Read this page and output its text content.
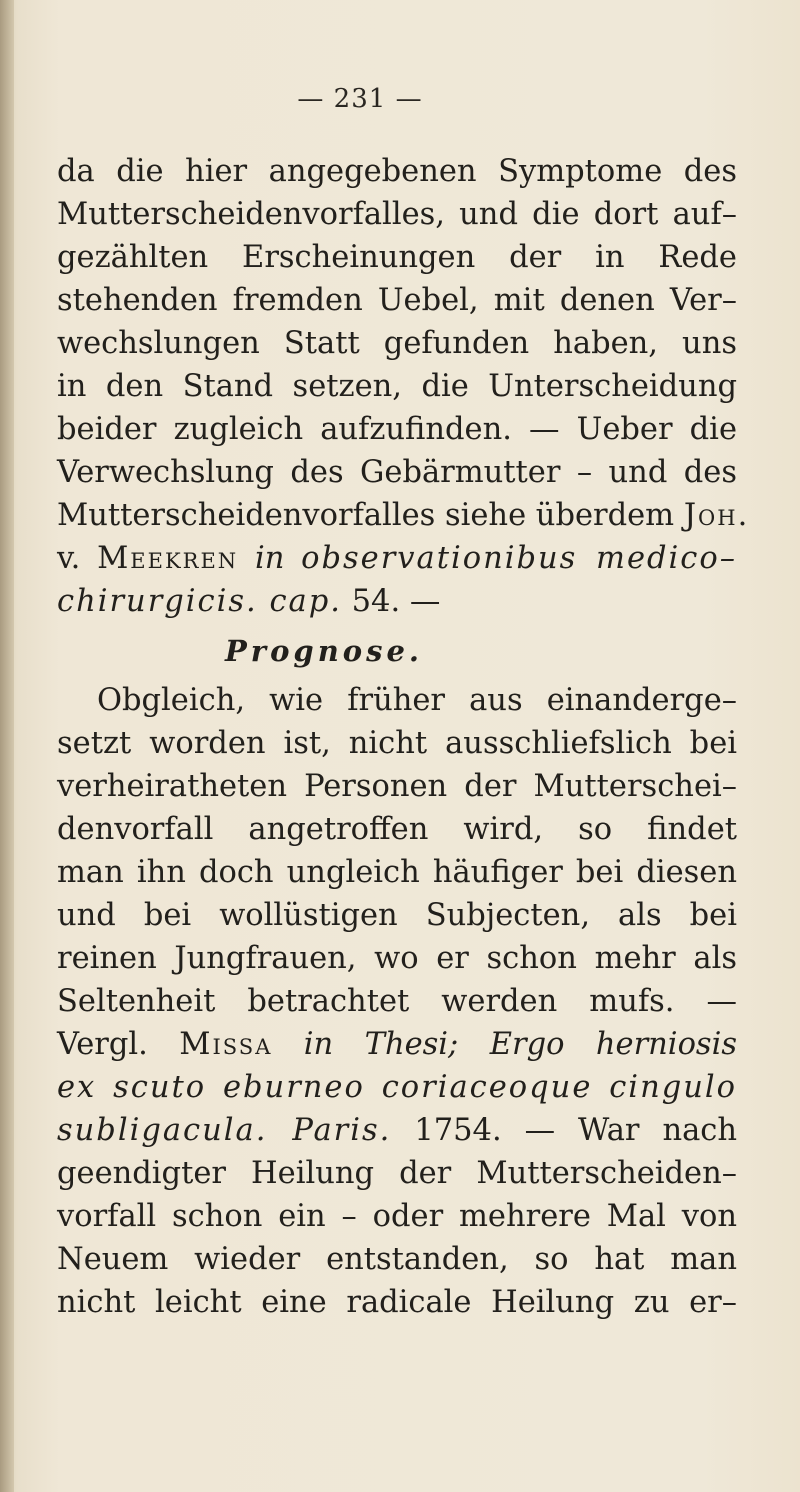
— 231 —
da die hier angegebenen Symptome des
Mutterscheidenvorfalles, und die dort auf–
gezählten Erscheinungen der in Rede
stehenden fremden Uebel, mit denen Ver–
wechslungen Statt gefunden haben, uns
in den Stand setzen, die Unterscheidung
beider zugleich aufzufinden. — Ueber die
Verwechslung des Gebärmutter – und des
Mutterscheidenvorfalles siehe überdem Joh.
v. Meekren in observationibus medico–
chirurgicis. cap. 54. —
Prognose.
Obgleich, wie früher aus einanderge–
setzt worden ist, nicht ausschliefslich bei
verheiratheten Personen der Mutterschei–
denvorfall angetroffen wird, so findet
man ihn doch ungleich häufiger bei diesen
und bei wollüstigen Subjecten, als bei
reinen Jungfrauen, wo er schon mehr als
Seltenheit betrachtet werden mufs. —
Vergl. Missa in Thesi; Ergo herniosis
ex scuto eburneo coriaceoque cingulo
subligacula. Paris. 1754. — War nach
geendigter Heilung der Mutterscheiden–
vorfall schon ein – oder mehrere Mal von
Neuem wieder entstanden, so hat man
nicht leicht eine radicale Heilung zu er–
